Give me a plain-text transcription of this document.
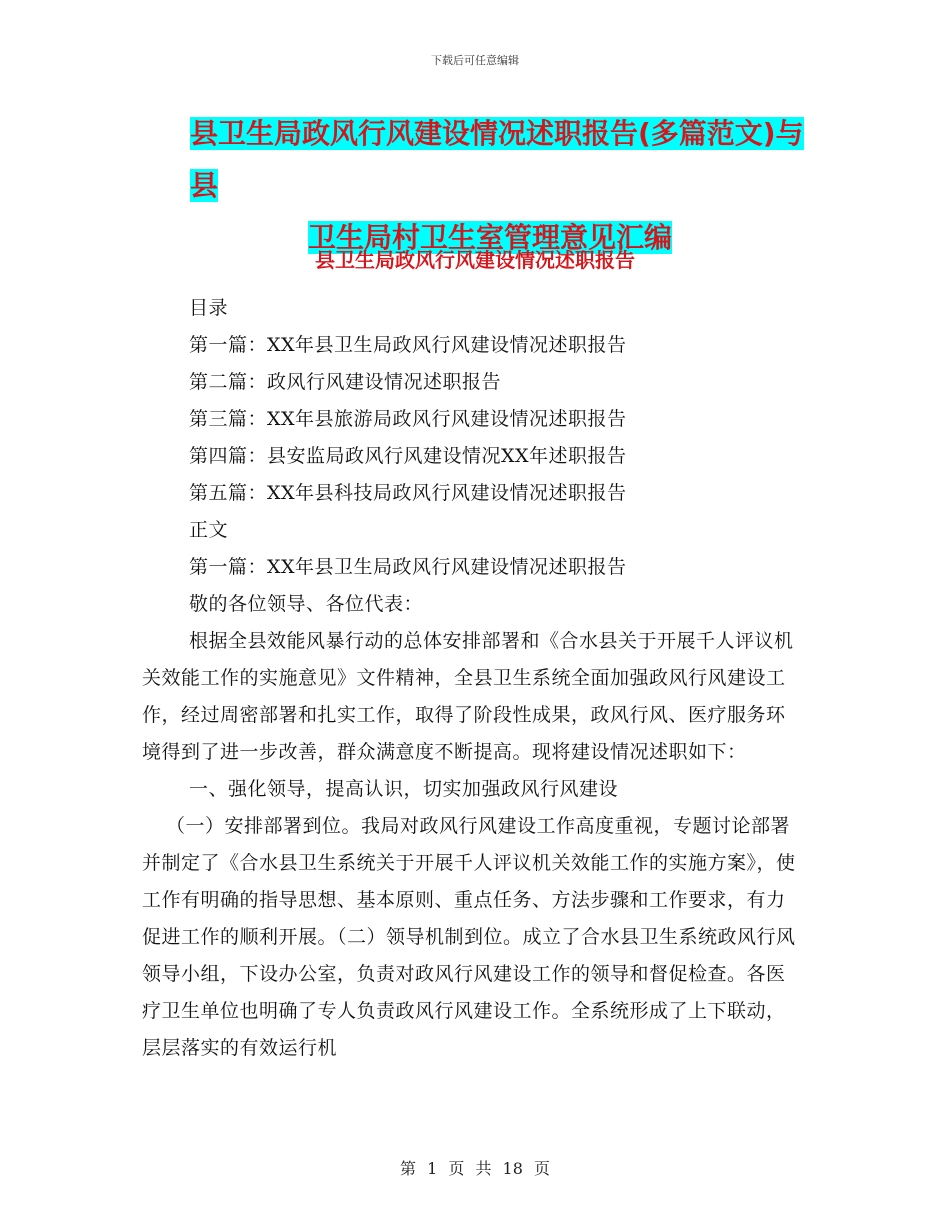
下载后可任意编辑
县卫生局政风行风建设情况述职报告(多篇范文)与县
卫生局村卫生室管理意见汇编
县卫生局政风行风建设情况述职报告

目录

第一篇：XX年县卫生局政风行风建设情况述职报告

第二篇：政风行风建设情况述职报告

第三篇：XX年县旅游局政风行风建设情况述职报告

第四篇：县安监局政风行风建设情况XX年述职报告

第五篇：XX年县科技局政风行风建设情况述职报告

正文

第一篇：XX年县卫生局政风行风建设情况述职报告

敬的各位领导、各位代表：

根据全县效能风暴行动的总体安排部署和《合水县关于开展千人评议机关效能工作的实施意见》文件精神，全县卫生系统全面加强政风行风建设工作，经过周密部署和扎实工作，取得了阶段性成果，政风行风、医疗服务环境得到了进一步改善，群众满意度不断提高。现将建设情况述职如下：

一、强化领导，提高认识，切实加强政风行风建设

（一）安排部署到位。我局对政风行风建设工作高度重视，专题讨论部署并制定了《合水县卫生系统关于开展千人评议机关效能工作的实施方案》，使工作有明确的指导思想、基本原则、重点任务、方法步骤和工作要求，有力促进工作的顺利开展。（二）领导机制到位。成立了合水县卫生系统政风行风领导小组，下设办公室，负责对政风行风建设工作的领导和督促检查。各医疗卫生单位也明确了专人负责政风行风建设工作。全系统形成了上下联动，层层落实的有效运行机

第 1 页 共 18 页
